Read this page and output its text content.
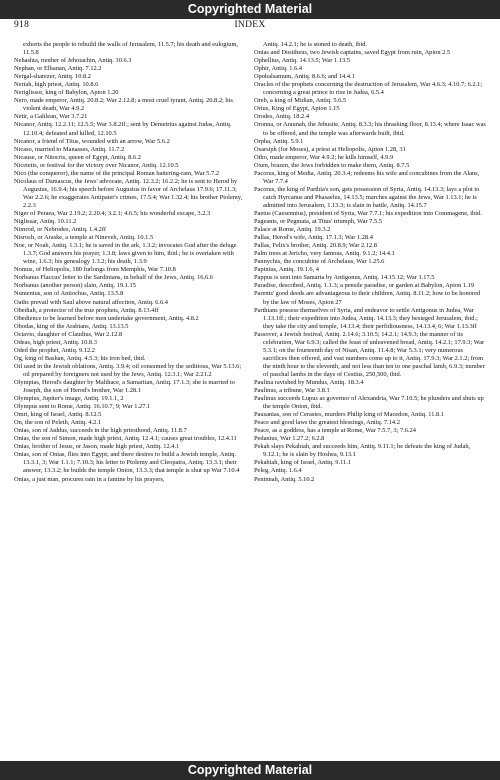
Copyrighted Material
918	INDEX

exhorts the people to rebuild the walls of Jerusalem, 11.5.7; his death and eulogium, 11.5.8

Nehashta, mother of Jehoiachin, Antiq. 10.6.3

Nephan, or Elhanan, Antiq. 7.12.2

Nergal-sharezer, Antiq. 10.8.2

Neriah, high priest, Antiq. 10.8.6

Neriglissor, king of Babylon, Apion 1.20

Nero, made emperor, Antiq. 20.8.2; War 2.12.8; a most cruel tyrant, Antiq. 20.8.2; his violent death, War 4.9.2

Netir, a Galilean, War 3.7.21

Nicanor, Antiq. 12.2.11; 12.5.5; War 3.8.2ff.; sent by Demetrius against Judas, Antiq. 12.10.4; defeated and killed, 12.10.5

Nicanor, a friend of Titus, wounded with an arrow, War 5.6.2

Nicaso, married to Manasses, Antiq. 11.7.2

Nicause, or Nitocris, queen of Egypt, Antiq. 8.6.2

Nicetetis, or festival for the victory over Nicanor, Antiq. 12.10.5

Nico (the conqueror), the name of the principal Roman battering-ram, War 5.7.2

Nicolaus of Damascus, the Jews' advocate, Antiq. 12.3.2; 16.2.2; he is sent to Herod by Augustus, 16.9.4; his speech before Augustus in favor of Archelaus 17.9.6; 17.11.3; War 2.2.6; he exaggerates Antipater's crimes, 17.5.4; War 1.32.4; his brother Ptolemy, 2.2.3

Niger of Peraea, War 2.19.2; 2.20.4; 3.2.1; 4.6.5; his wonderful escape, 3.2.3

Niglissar, Antiq. 10.11.2

Nimrod, or Nebrodes, Antiq. 1.4.2ff

Nisroch, or Araske, a temple at Nineveh, Antiq. 10.1.5

Noe, or Noah, Antiq. 1.3.1; he is saved in the ark, 1.3.2; invocates God after the deluge 1.3.7; God answers his prayer, 1.3.8; laws given to him, ibid.; he is overtaken with wine, 1.6.3; his genealogy 1.3.2; his death, 1.3.9

Nomus, of Heliopolis, 180 furlongs from Memphis, War 7.10.8

Norbanus Flaccus' letter to the Sardinians, in behalf of the Jews, Antiq. 16.6.6

Norbanus (another person) slain, Antiq. 19.1.15

Numenius, son of Antiochus, Antiq. 13.5.8

Oaths prevail with Saul above natural affection, Antiq. 6.6.4

Obediah, a protector of the true prophets, Antiq. 8.13.4ff

Obedience to be learned before men undertake government, Antiq. 4.8.2

Obodas, king of the Arabians, Antiq. 13.13.5

Octavio, daughter of Claudius, War 2.12.8

Odeas, high priest, Antiq. 10.8.3

Oded the prophet, Antiq. 9.12.2

Og, king of Bashan, Antiq. 4.5.3; his iron bed, ibid.

Oil used in the Jewish oblations, Antiq. 3.9.4; oil consumed by the seditious, War 5.13.6; oil prepared by foreigners not used by the Jews, Antiq. 12.3.1; War 2.21.2

Olympias, Herod's daughter by Malthace, a Samaritan, Antiq. 17.1.3; she is married to Joseph, the son of Herod's brother, War 1.28.1

Olympius, Jupiter's image, Antiq. 19.1.1, 2

Olympus sent to Rome, Antiq. 16.10.7, 9; War 1.27.1

Omri, king of Israel, Antiq. 8.12.5

On, the son of Peleth, Antiq. 4.2.1

Onias, son of Jaddus, succeeds in the high priesthood, Antiq. 11.8.7

Onias, the son of Simon, made high priest, Antiq. 12.4.1; causes great troubles, 12.4.11

Onias, brother of Jesus, or Jason, made high priest, Antiq. 12.4.1

Onias, son of Onias, flies into Egypt; and there desires to build a Jewish temple, Antiq. 13.3.1, 3; War 1.1.1; 7.10.3; his letter to Ptolemy and Cleopatra, Antiq. 13.3.1; their answer, 13.3.2; he builds the temple Onion, 13.3.3; that temple is shut up War 7.10.4

Onias, a just man, procures rain in a famine by his prayers,

Antiq. 14.2.1; he is stoned to death, ibid.

Onias and Dositheus, two Jewish captains, saved Egypt from ruin, Apion 2.5

Ophellius, Antiq. 14.13.5; War 1.13.5

Ophir, Antiq. 1.6.4

Opobalsamum, Antiq. 8.6.6; and 14.4.1

Oracles of the prophets concerning the destruction of Jerusalem, War 4.6.3; 4.10.7; 6.2.1; concerning a great prince to rise in Judea, 6.5.4

Oreb, a king of Midian, Antiq. 5.6.5

Orius, King of Egypt, Apion 1.15

Orodes, Antiq. 18.2.4

Oronna, or Araunah, the Jebusite, Antiq. 8.3.3; his thrashing floor, 8.13.4; where Isaac was to be offered, and the temple was afterwards built, ibid.

Orpha, Antiq. 5.9.1

Osarsiph (for Moses), a priest at Heliopolis, Apion 1.28, 31

Otho, made emperor, War 4.9.2; he kills himself, 4.9.9

Oxen, brazen, the Jews forbidden to make them, Antiq. 8.7.5

Pacorus, king of Media, Antiq. 20.3.4; redeems his wife and concubines from the Alans, War 7.7.4

Pacorus, the king of Parthia's son, gets possession of Syria, Antiq. 14.13.3; lays a plot to catch Hyrcanus and Phasaelus, 14.13.5; marches against the Jews, War 1.13.1; he is admitted into Jerusalem, 1.13.3; is slain in battle, Antiq. 14.15.7

Paetus (Caesennius), president of Syria, War 7.7.1; his expedition into Commagene, ibid.

Pageants, or Pegmata, at Titus' triumph, War 7.5.5

Palace at Rome, Antiq. 19.3.2

Pallas, Herod's wife, Antiq. 17.1.3; War 1.28.4

Pallas, Felix's brother, Antiq. 20.8.9; War 2.12.8

Palm trees at Jericho, very famous, Antiq. 9.1.2; 14.4.1

Pannychis, the concubine of Archelaus, War 1.25.6

Papinius, Antiq. 19.1.6, 4

Pappus is sent into Samaria by Antigonus, Antiq. 14.15.12; War 1.17.5

Paradise, described, Antiq. 1.1.3; a pensile paradise, or garden at Babylon, Apion 1.19

Parents' good deeds are advantageous to their children, Antiq. 8.11.2; how to be honored by the law of Moses, Apion 27

Parthians possess themselves of Syria, and endeavor to settle Antigonus in Judea, War 1.13.1ff.; their expedition into Judea, Antiq. 14.13.3; they besieged Jerusalem, ibid.; they take the city and temple, 14.13.4; their perfidiousness, 14.13.4, 6; War 1.13.3ff

Passover, a Jewish festival, Antiq. 2.14.6; 3.10.5; 14.2.1; 14.9.3; the manner of its celebration, War 6.9.3; called the feast of unleavened bread, Antiq. 14.2.1; 17.9.3; War 5.3.1; on the fourteenth day of Nisan, Antiq. 11.4.8; War 5.3.1; very numerous sacrifices then offered, and vast numbers come up to it, Antiq. 17.9.3; War 2.1.2; from the ninth hour to the eleventh, and not less than ten to one paschal lamb, 6.9.3; number of paschal lambs in the days of Cestius, 250,500, ibid.

Paulina ravished by Mundus, Antiq. 18.3.4

Paulinus, a tribune, War 3.8.1

Paulinus succeeds Lupus as governor of Alexandria, War 7.10.5; he plunders and shuts up the temple Onion, ibid.

Pausanias, son of Cerastes, murders Philip king of Macedon, Antiq. 11.8.1

Peace and good laws the greatest blessings, Antiq. 7.14.2

Peace, as a goddess, has a temple at Rome, War 7.5.7, 3; 7.6.24

Pedanius, War 1.27.2; 6.2.8

Pekah slays Pekahiah, and succeeds him, Antiq. 9.11.1; he defeats the king of Judah, 9.12.1; he is slain by Hoshea, 9.13.1

Pekahiah, king of Israel, Antiq. 9.11.1

Peleg, Antiq. 1.6.4

Peninnah, Antiq. 5.10.2

Copyrighted Material
